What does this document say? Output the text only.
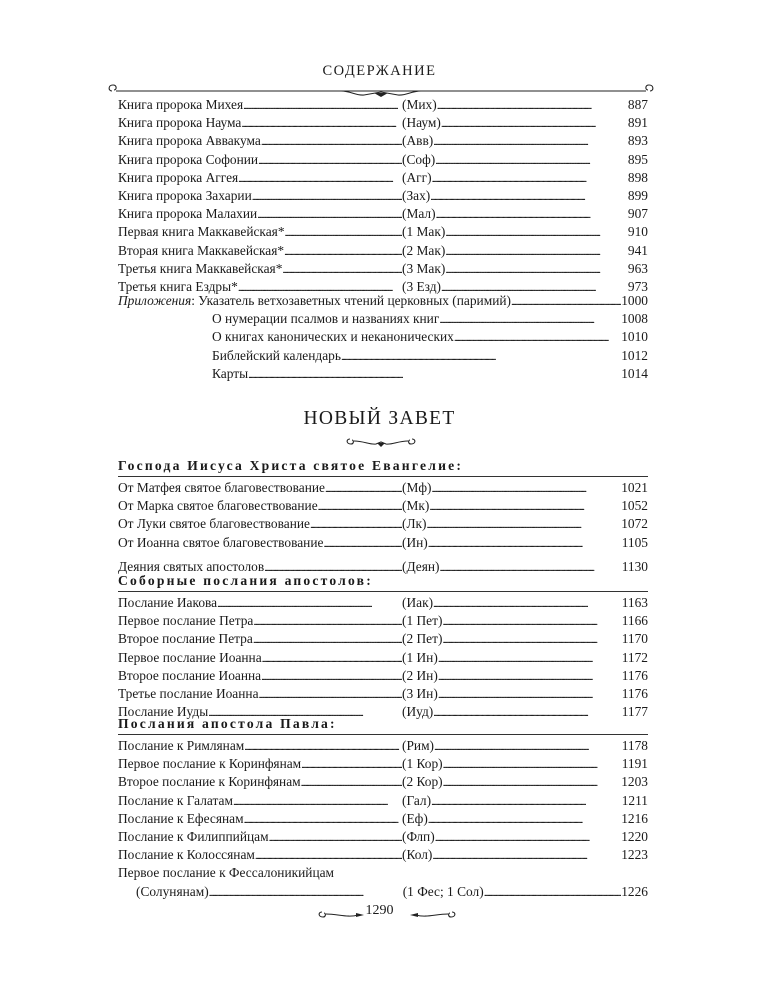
СОДЕРЖАНИЕ
Книга пророка Михея . . .	(Мих) . . .	887
Книга пророка Наума . . .	(Наум) . . .	891
Книга пророка Аввакума . . .	(Авв) . . .	893
Книга пророка Софонии . . .	(Соф) . . .	895
Книга пророка Аггея . . .	(Агг) . . .	898
Книга пророка Захарии . . .	(Зах) . . .	899
Книга пророка Малахии . . .	(Мал) . . .	907
Первая книга Маккавейская* . . .	(1 Мак) . . .	910
Вторая книга Маккавейская* . . .	(2 Мак) . . .	941
Третья книга Маккавейская* . . .	(3 Мак) . . .	963
Третья книга Ездры* . . .	(3 Езд) . . .	973
Приложения: Указатель ветхозаветных чтений церковных (паримий) . . .	1000
О нумерации псалмов и названиях книг . . .	1008
О книгах канонических и неканонических . . .	1010
Библейский календарь . . .	1012
Карты . . .	1014
НОВЫЙ ЗАВЕТ
Господа Иисуса Христа святое Евангелие:
От Матфея святое благовествование . . .	(Мф) . . .	1021
От Марка святое благовествование . . .	(Мк) . . .	1052
От Луки святое благовествование . . .	(Лк) . . .	1072
От Иоанна святое благовествование . . .	(Ин) . . .	1105
Деяния святых апостолов . . .	(Деян) . . .	1130
Соборные послания апостолов:
Послание Иакова . . .	(Иак) . . .	1163
Первое послание Петра . . .	(1 Пет) . . .	1166
Второе послание Петра . . .	(2 Пет) . . .	1170
Первое послание Иоанна . . .	(1 Ин) . . .	1172
Второе послание Иоанна . . .	(2 Ин) . . .	1176
Третье послание Иоанна . . .	(3 Ин) . . .	1176
Послание Иуды . . .	(Иуд) . . .	1177
Послания апостола Павла:
Послание к Римлянам . . .	(Рим) . . .	1178
Первое послание к Коринфянам . . .	(1 Кор) . . .	1191
Второе послание к Коринфянам . . .	(2 Кор) . . .	1203
Послание к Галатам . . .	(Гал) . . .	1211
Послание к Ефесянам . . .	(Еф) . . .	1216
Послание к Филиппийцам . . .	(Флп) . . .	1220
Послание к Колоссянам . . .	(Кол) . . .	1223
Первое послание к Фессалоникийцам
(Солунянам) . . .	(1 Фес; 1 Сол) . . .	1226
1290
